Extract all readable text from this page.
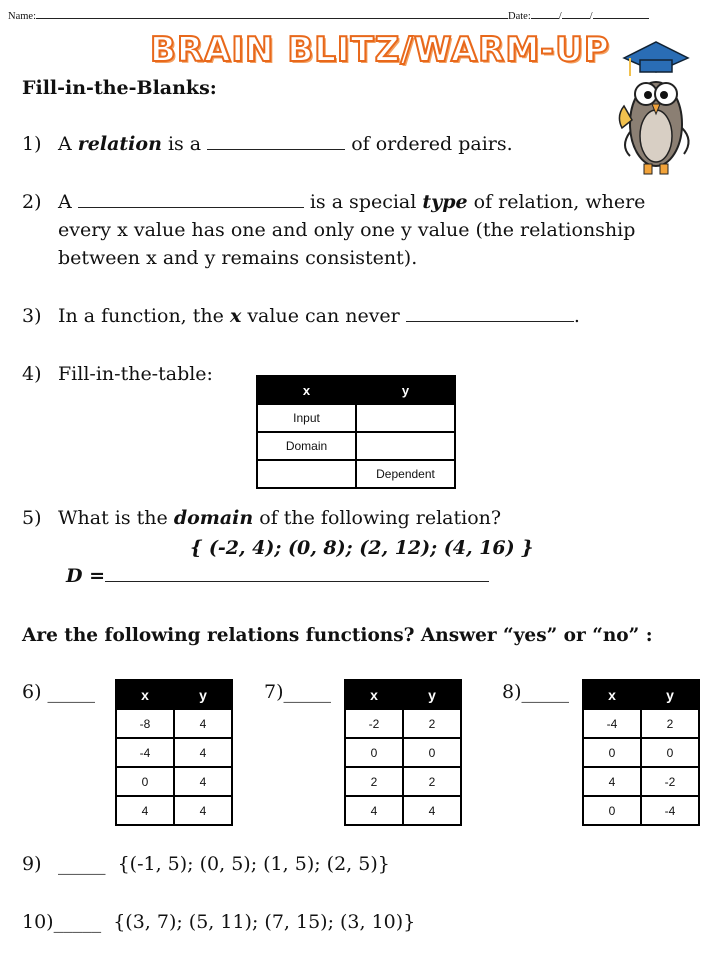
Name:	Date:	/	/
BRAIN BLITZ/WARM-UP
Fill-in-the-Blanks:
1) A relation is a	of ordered pairs.
2) A	is a special type of relation, where
every x value has one and only one y value (the relationship
between x and y remains consistent).
3) In a function, the x value can never	.
4) Fill-in-the-table:
x	y
Input	
Domain	
	Dependent
5) What is the domain of the following relation?
{ (-2, 4); (0, 8); (2, 12); (4, 16) }
D =
Are the following relations functions? Answer “yes” or “no” :
6) _____	x	y
-8	4
-4	4
0	4
4	4
7)_____	x	y
-2	2
0	0
2	2
4	4
8)_____	x	y
-4	2
0	0
4	-2
0	-4
9) _____ {(-1, 5); (0, 5); (1, 5); (2, 5)}
10)_____ {(3, 7); (5, 11); (7, 15); (3, 10)}
